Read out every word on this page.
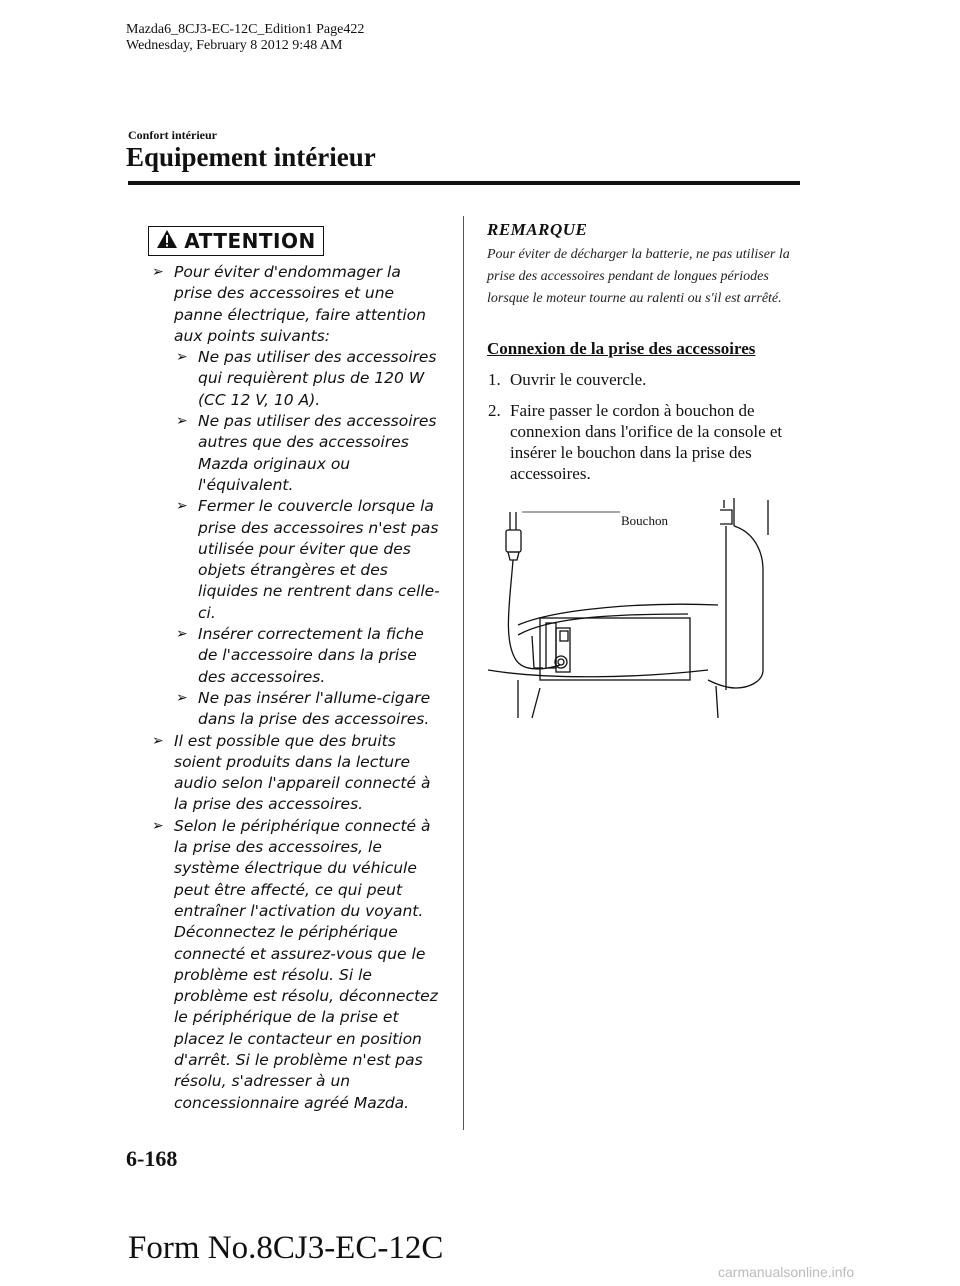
Mazda6_8CJ3-EC-12C_Edition1 Page422
Wednesday, February 8 2012 9:48 AM
Confort intérieur
Equipement intérieur
ATTENTION
➢ Pour éviter d'endommager la prise des accessoires et une panne électrique, faire attention aux points suivants:
➢ Ne pas utiliser des accessoires qui requièrent plus de 120 W (CC 12 V, 10 A).
➢ Ne pas utiliser des accessoires autres que des accessoires Mazda originaux ou l'équivalent.
➢ Fermer le couvercle lorsque la prise des accessoires n'est pas utilisée pour éviter que des objets étrangères et des liquides ne rentrent dans celle-ci.
➢ Insérer correctement la fiche de l'accessoire dans la prise des accessoires.
➢ Ne pas insérer l'allume-cigare dans la prise des accessoires.
➢ Il est possible que des bruits soient produits dans la lecture audio selon l'appareil connecté à la prise des accessoires.
➢ Selon le périphérique connecté à la prise des accessoires, le système électrique du véhicule peut être affecté, ce qui peut entraîner l'activation du voyant. Déconnectez le périphérique connecté et assurez-vous que le problème est résolu. Si le problème est résolu, déconnectez le périphérique de la prise et placez le contacteur en position d'arrêt. Si le problème n'est pas résolu, s'adresser à un concessionnaire agréé Mazda.
REMARQUE
Pour éviter de décharger la batterie, ne pas utiliser la prise des accessoires pendant de longues périodes lorsque le moteur tourne au ralenti ou s'il est arrêté.
Connexion de la prise des accessoires
1. Ouvrir le couvercle.
2. Faire passer le cordon à bouchon de connexion dans l'orifice de la console et insérer le bouchon dans la prise des accessoires.
Bouchon
6-168
Form No.8CJ3-EC-12C
carmanualsonline.info
